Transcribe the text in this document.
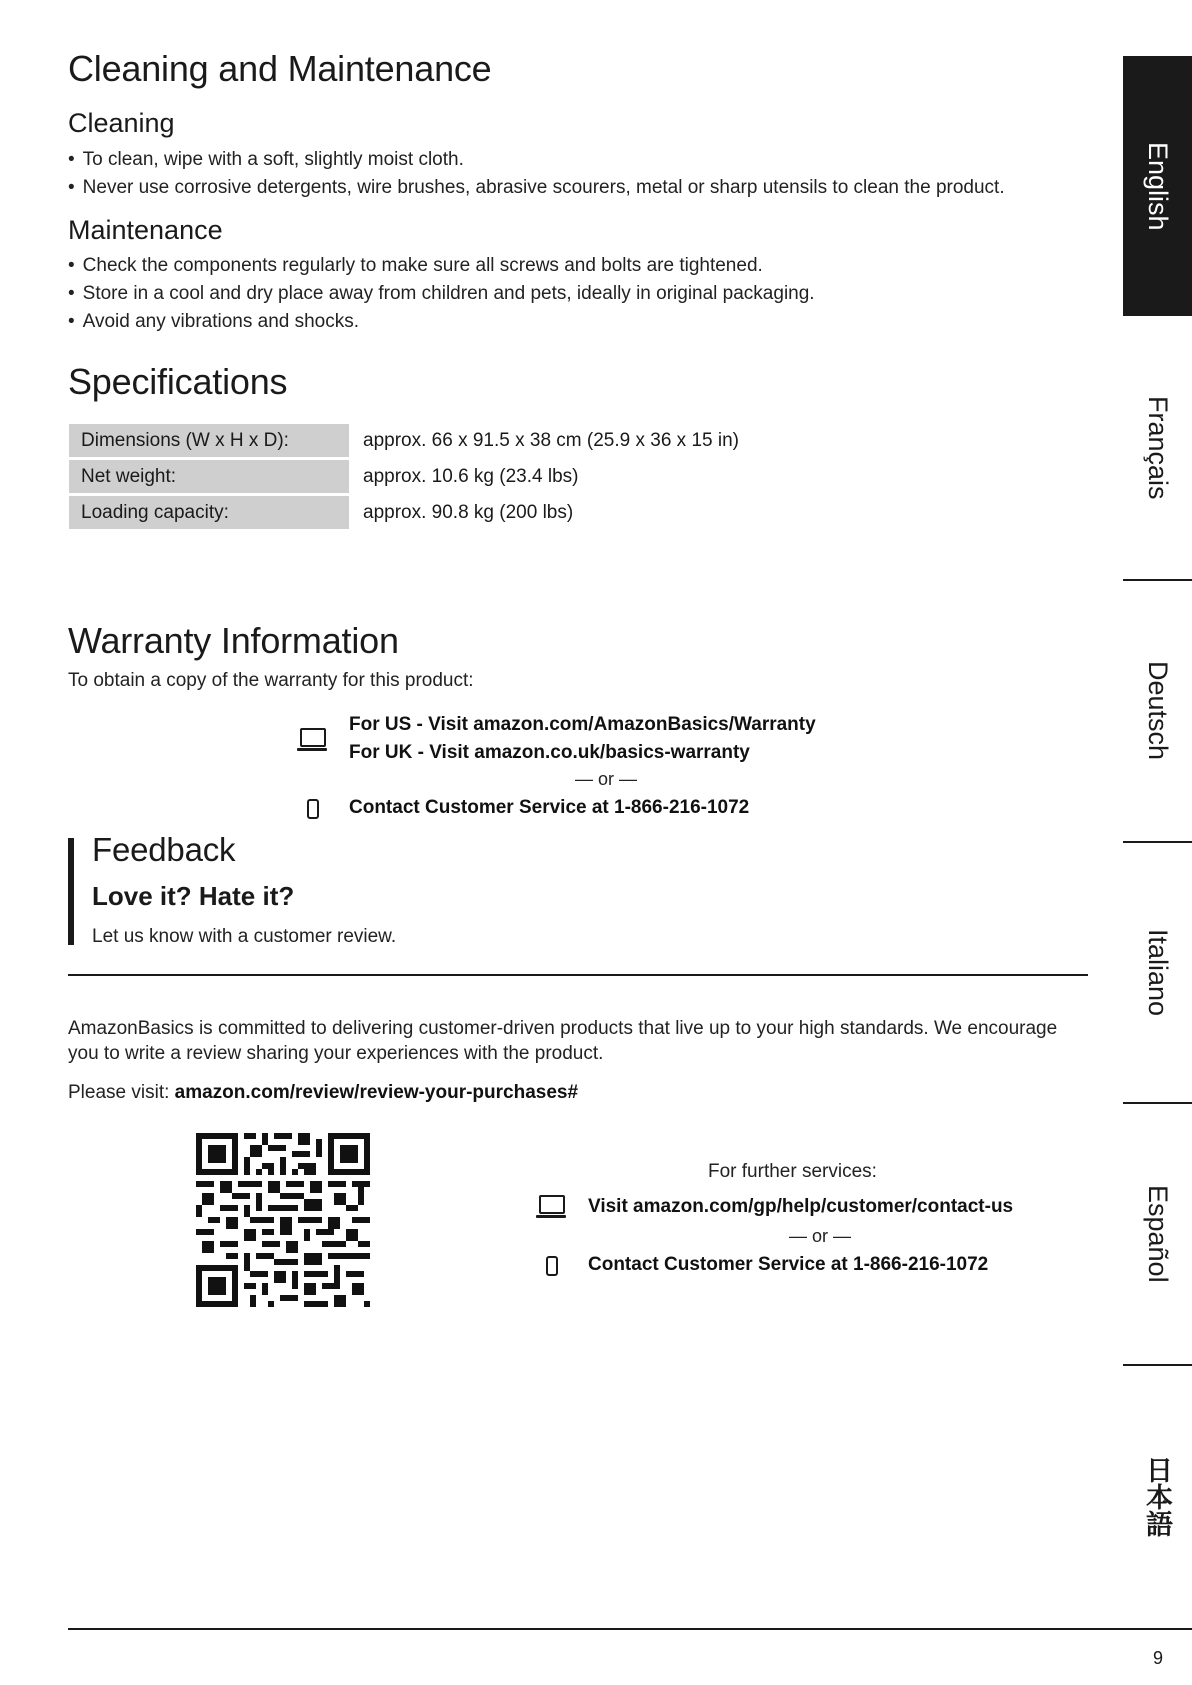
Cleaning and Maintenance
Cleaning
• To clean, wipe with a soft, slightly moist cloth.
• Never use corrosive detergents, wire brushes, abrasive scourers, metal or sharp utensils to clean the product.
Maintenance
• Check the components regularly to make sure all screws and bolts are tightened.
• Store in a cool and dry place away from children and pets, ideally in original packaging.
• Avoid any vibrations and shocks.
Specifications
Dimensions (W x H x D):	approx. 66 x 91.5 x 38 cm (25.9 x 36 x 15 in)
Net weight:	approx. 10.6 kg (23.4 lbs)
Loading capacity:	approx. 90.8 kg (200 lbs)
Warranty Information

To obtain a copy of the warranty for this product:

For US - Visit amazon.com/AmazonBasics/Warranty

For UK - Visit amazon.co.uk/basics-warranty

— or —

Contact Customer Service at 1-866-216-1072

Feedback
Love it? Hate it?

Let us know with a customer review.

AmazonBasics is committed to delivering customer-driven products that live up to your high standards. We encourage you to write a review sharing your experiences with the product.

Please visit: amazon.com/review/review-your-purchases#

For further services:

Visit amazon.com/gp/help/customer/contact-us

— or —

Contact Customer Service at 1-866-216-1072

English
Français
Deutsch
Italiano
Español
日本語

9
